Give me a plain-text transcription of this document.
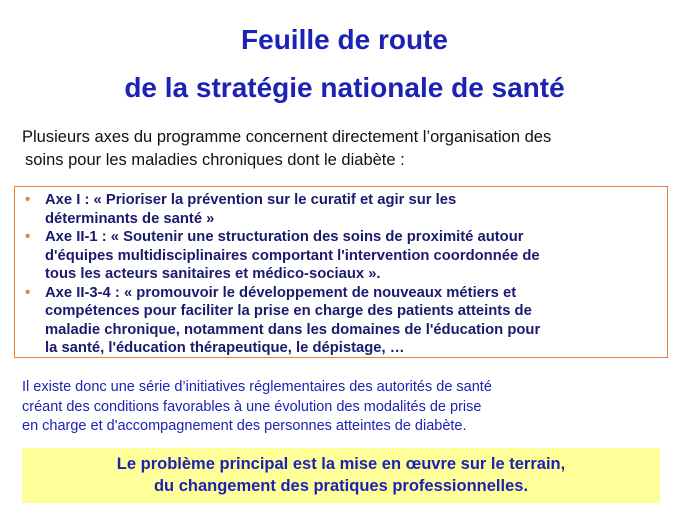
Feuille de route
de la stratégie nationale de santé
Plusieurs axes du programme concernent directement l’organisation des
soins pour les maladies chroniques dont le diabète :
• Axe I : « Prioriser la prévention sur le curatif et agir sur les
déterminants de santé »
• Axe II-1 : « Soutenir une structuration des soins de proximité autour
d'équipes multidisciplinaires comportant l'intervention coordonnée de
tous les acteurs sanitaires et médico-sociaux ».
• Axe II-3-4 : « promouvoir le développement de nouveaux métiers et
compétences pour faciliter la prise en charge des patients atteints de
maladie chronique, notamment dans les domaines de l'éducation pour
la santé, l'éducation thérapeutique, le dépistage, …
Il existe donc une série d’initiatives réglementaires des autorités de santé
créant des conditions favorables à une évolution des modalités de prise
en charge et d'accompagnement des personnes atteintes de diabète.
Le problème principal est la mise en œuvre sur le terrain,
du changement des pratiques professionnelles.
